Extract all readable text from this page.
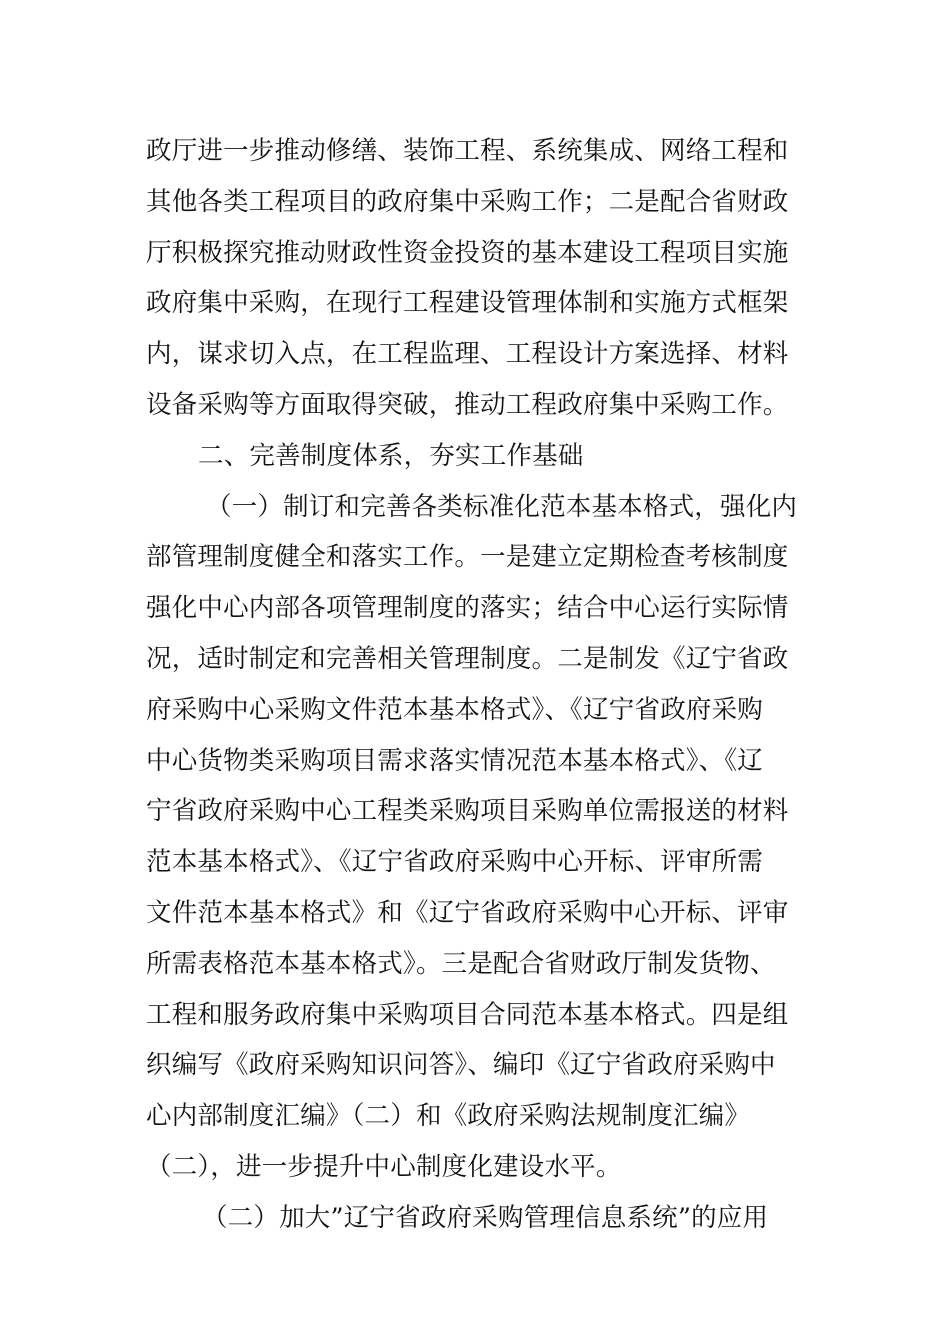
政厅进一步推动修缮、装饰工程、系统集成、网络工程和
其他各类工程项目的政府集中采购工作；二是配合省财政
厅积极探究推动财政性资金投资的基本建设工程项目实施
政府集中采购，在现行工程建设管理体制和实施方式框架
内，谋求切入点，在工程监理、工程设计方案选择、材料
设备采购等方面取得突破，推动工程政府集中采购工作。
二、完善制度体系，夯实工作基础
（一）制订和完善各类标准化范本基本格式，强化内
部管理制度健全和落实工作。一是建立定期检查考核制度
强化中心内部各项管理制度的落实；结合中心运行实际情
况，适时制定和完善相关管理制度。二是制发《辽宁省政
府采购中心采购文件范本基本格式》、《辽宁省政府采购
中心货物类采购项目需求落实情况范本基本格式》、《辽
宁省政府采购中心工程类采购项目采购单位需报送的材料
范本基本格式》、《辽宁省政府采购中心开标、评审所需
文件范本基本格式》和《辽宁省政府采购中心开标、评审
所需表格范本基本格式》。三是配合省财政厅制发货物、
工程和服务政府集中采购项目合同范本基本格式。四是组
织编写《政府采购知识问答》、编印《辽宁省政府采购中
心内部制度汇编》（二）和《政府采购法规制度汇编》
（二），进一步提升中心制度化建设水平。
（二）加大”辽宁省政府采购管理信息系统”的应用
